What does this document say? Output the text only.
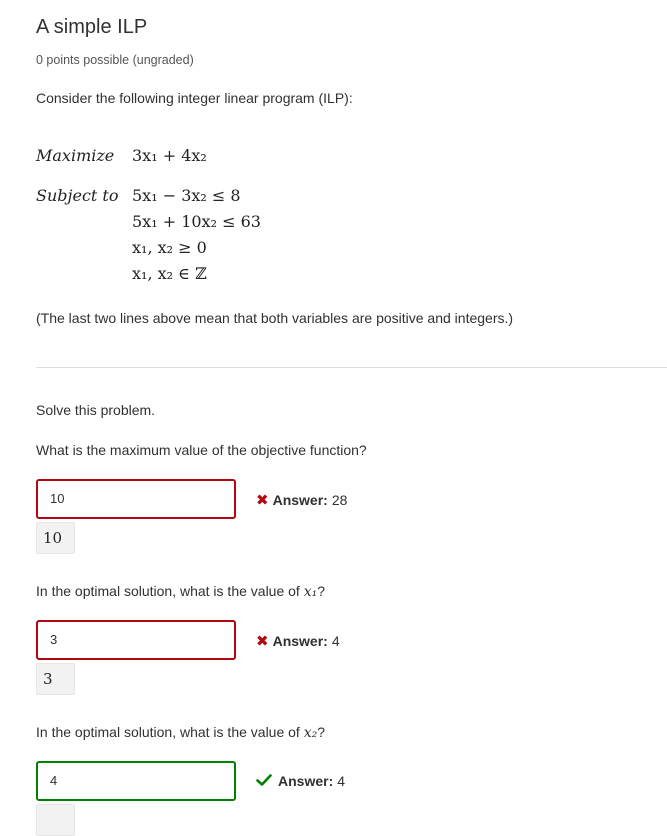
A simple ILP
0 points possible (ungraded)
Consider the following integer linear program (ILP):
Maximize 3x₁ + 4x₂
Subject to 5x₁ − 3x₂ ≤ 8
5x₁ + 10x₂ ≤ 63
x₁, x₂ ≥ 0
x₁, x₂ ∈ ℤ
(The last two lines above mean that both variables are positive and integers.)
Solve this problem.
What is the maximum value of the objective function?
10	✖ Answer: 28
10
In the optimal solution, what is the value of x₁?
3	✖ Answer: 4
3
In the optimal solution, what is the value of x₂?
4	Answer: 4
